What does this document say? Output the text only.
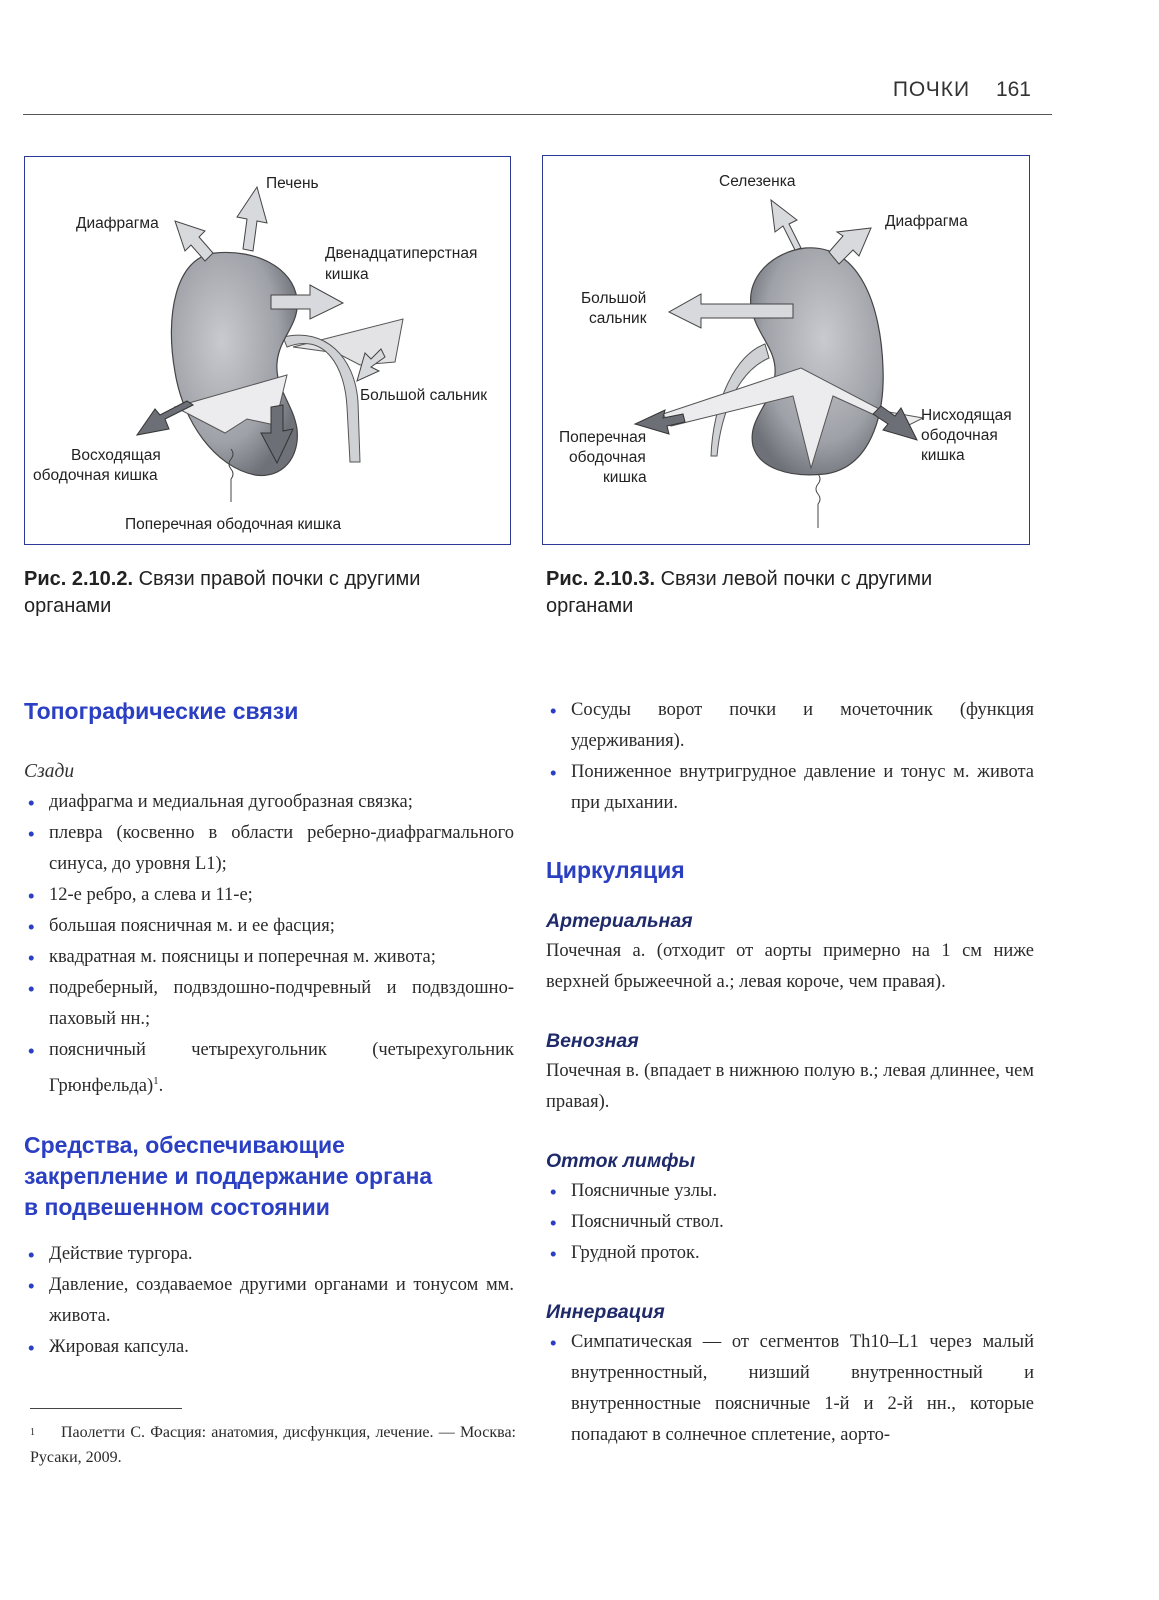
ПОЧКИ 161
Печень
Диафрагма
Двенадцатиперстная
кишка
Большой сальник
Восходящая
ободочная кишка
Поперечная ободочная кишка
Рис. 2.10.2. Связи правой почки с другими органами
Селезенка
Диафрагма
Большой
сальник
Поперечная
ободочная
кишка
Нисходящая
ободочная
кишка
Рис. 2.10.3. Связи левой почки с другими органами
Топографические связи
Сзади
• диафрагма и медиальная дугообразная связка;
• плевра (косвенно в области реберно-диафрагмального синуса, до уровня L1);
• 12-е ребро, а слева и 11-е;
• большая поясничная м. и ее фасция;
• квадратная м. поясницы и поперечная м. живота;
• подреберный, подвздошно-подчревный и подвздошно-паховый нн.;
• поясничный четырехугольник (четырехугольник Грюнфельда)$^1$.
Средства, обеспечивающие
закрепление и поддержание органа
в подвешенном состоянии
• Действие тургора.
• Давление, создаваемое другими органами и тонусом мм. живота.
• Жировая капсула.
$^1$ Паолетти С. Фасция: анатомия, дисфункция, лечение. — Москва: Русаки, 2009.
• Сосуды ворот почки и мочеточник (функция удерживания).
• Пониженное внутригрудное давление и тонус м. живота при дыхании.
Циркуляция
Артериальная

Почечная а. (отходит от аорты примерно на 1 см ниже верхней брыжеечной а.; левая короче, чем правая).

Венозная

Почечная в. (впадает в нижнюю полую в.; левая длиннее, чем правая).

Отток лимфы
• Поясничные узлы.
• Поясничный ствол.
• Грудной проток.
Иннервация
• Симпатическая — от сегментов Th10–L1 через малый внутренностный, низший внутренностный и внутренностные поясничные 1-й и 2-й нн., которые попадают в солнечное сплетение, аорто-
